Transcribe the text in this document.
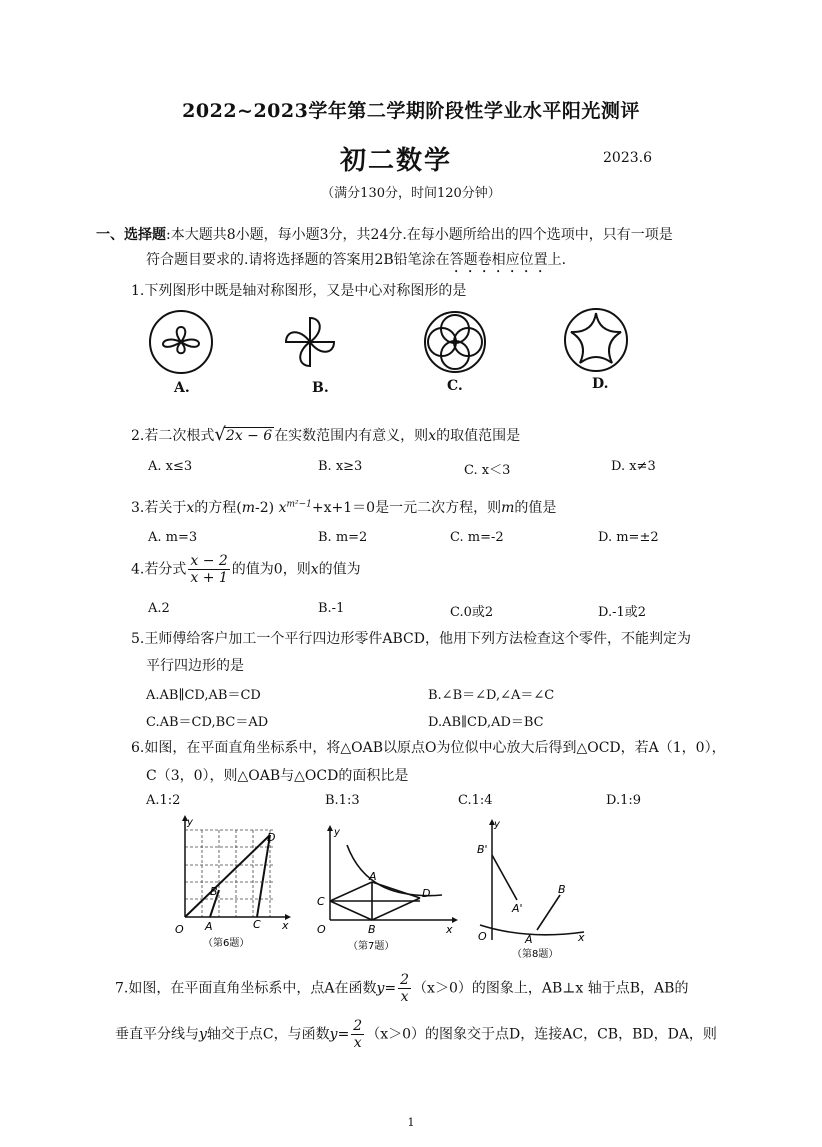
2022~2023学年第二学期阶段性学业水平阳光测评
初二数学	2023.6
（满分130分，时间120分钟）
一、选择题:本大题共8小题，每小题3分，共24分.在每小题所给出的四个选项中，只有一项是
符合题目要求的.请将选择题的答案用2B铅笔涂在答题卷相应位置上.
1.下列图形中既是轴对称图形，又是中心对称图形的是
A.	B.	C.	D.
2.若二次根式√2x − 6 在实数范围内有意义，则x的取值范围是
A. x≤3	B. x≥3	C. x＜3	D. x≠3
3.若关于x的方程(m-2) $x^{m^2-1}+x+1=0$是一元二次方程，则m的值是
A. m=3	B. m=2	C. m=-2	D. m=±2
4.若分式 $\frac{x - 2}{x + 1}$ 的值为0，则x的值为
A.2	B.-1	C.0或2	D.-1或2
5.王师傅给客户加工一个平行四边形零件ABCD，他用下列方法检查这个零件，不能判定为
平行四边形的是
A.AB∥CD,AB＝CD	B.∠B＝∠D,∠A＝∠C
C.AB＝CD,BC＝AD	D.AB∥CD,AD＝BC
6.如图，在平面直角坐标系中，将△OAB以原点O为位似中心放大后得到△OCD，若A（1，0），
C（3，0），则△OAB与△OCD的面积比是
A.1:2	B.1:3	C.1:4	D.1:9
y
D
B
O A	C x
（第6题）
y
A
C
D
O	B	x
（第7题）
y
B'
A'
B
O	A	x
（第8题）
7.如图，在平面直角坐标系中，点A在函数$y= \frac{2}{x} (x>0)$的图象上，AB⊥x 轴于点B，AB的
垂直平分线与y轴交于点C，与函数$y= \frac{2}{x} (x>0)$的图象交于点D，连接AC，CB，BD，DA，则
1
